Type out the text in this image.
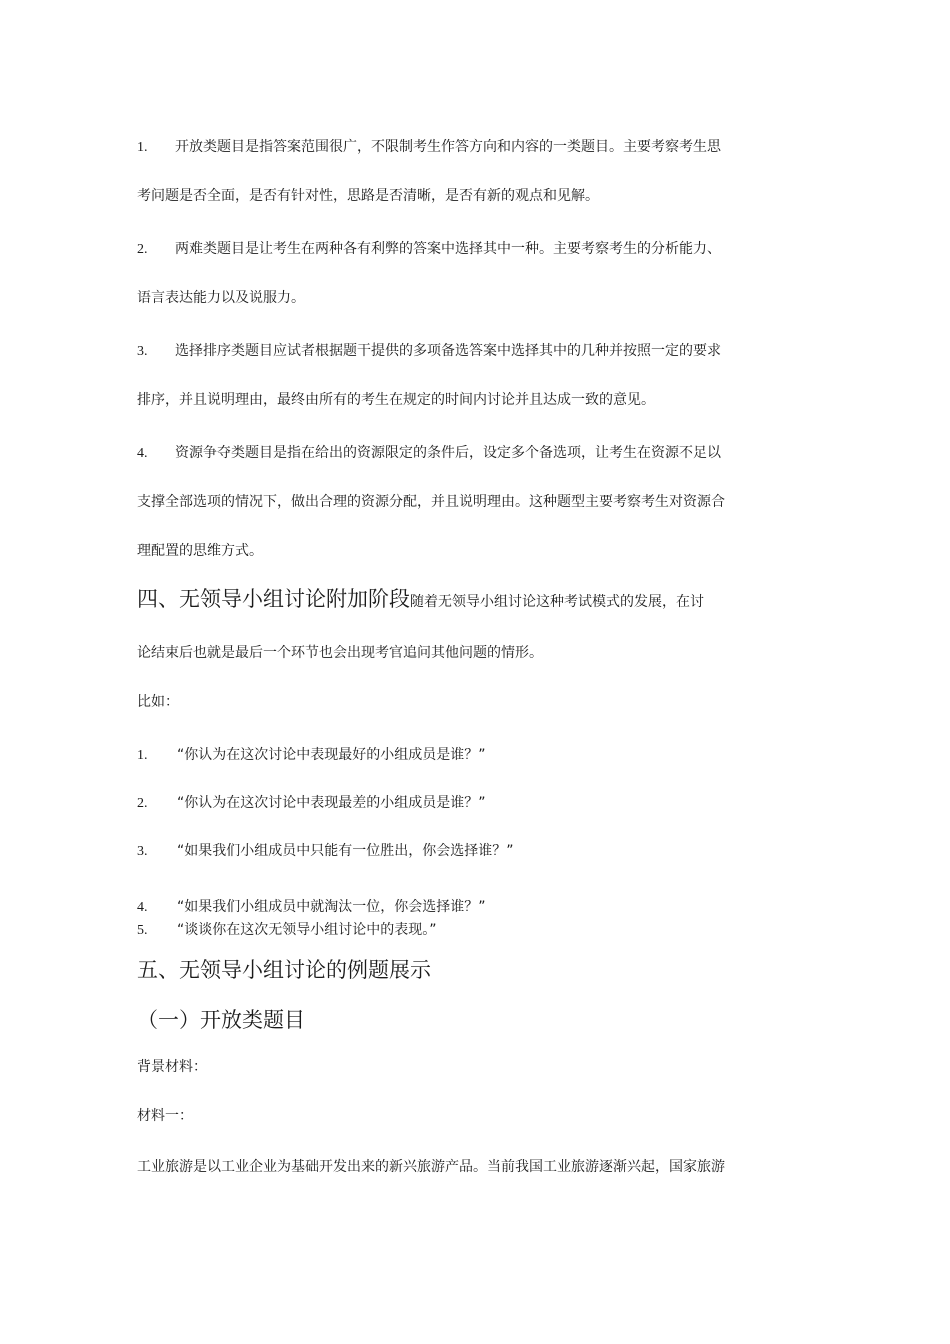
1. 开放类题目是指答案范围很广，不限制考生作答方向和内容的一类题目。主要考察考生思
考问题是否全面，是否有针对性，思路是否清晰，是否有新的观点和见解。
2. 两难类题目是让考生在两种各有利弊的答案中选择其中一种。主要考察考生的分析能力、
语言表达能力以及说服力。
3. 选择排序类题目应试者根据题干提供的多项备选答案中选择其中的几种并按照一定的要求
排序，并且说明理由，最终由所有的考生在规定的时间内讨论并且达成一致的意见。
4. 资源争夺类题目是指在给出的资源限定的条件后，设定多个备选项，让考生在资源不足以
支撑全部选项的情况下，做出合理的资源分配，并且说明理由。这种题型主要考察考生对资源合
理配置的思维方式。
四、无领导小组讨论附加阶段随着无领导小组讨论这种考试模式的发展，在讨
论结束后也就是最后一个环节也会出现考官追问其他问题的情形。
比如：
1. “你认为在这次讨论中表现最好的小组成员是谁？”
2. “你认为在这次讨论中表现最差的小组成员是谁？”
3. “如果我们小组成员中只能有一位胜出，你会选择谁？”
4. “如果我们小组成员中就淘汰一位，你会选择谁？”
5. “谈谈你在这次无领导小组讨论中的表现。”
五、无领导小组讨论的例题展示
（一）开放类题目
背景材料：
材料一：
工业旅游是以工业企业为基础开发出来的新兴旅游产品。当前我国工业旅游逐渐兴起，国家旅游
